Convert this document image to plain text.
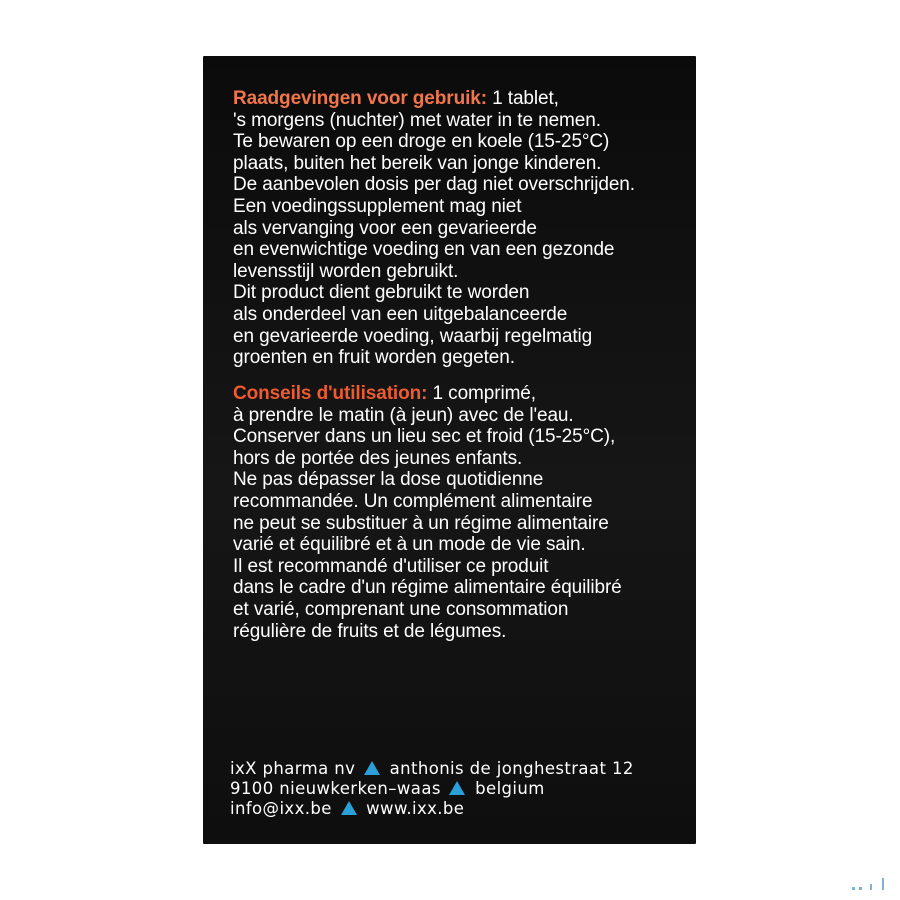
Raadgevingen voor gebruik: 1 tablet,
's morgens (nuchter) met water in te nemen.
Te bewaren op een droge en koele (15-25°C)
plaats, buiten het bereik van jonge kinderen.
De aanbevolen dosis per dag niet overschrijden.
Een voedingssupplement mag niet
als vervanging voor een gevarieerde
en evenwichtige voeding en van een gezonde
levensstijl worden gebruikt.
Dit product dient gebruikt te worden
als onderdeel van een uitgebalanceerde
en gevarieerde voeding, waarbij regelmatig
groenten en fruit worden gegeten.
Conseils d'utilisation: 1 comprimé,
à prendre le matin (à jeun) avec de l'eau.
Conserver dans un lieu sec et froid (15-25°C),
hors de portée des jeunes enfants.
Ne pas dépasser la dose quotidienne
recommandée. Un complément alimentaire
ne peut se substituer à un régime alimentaire
varié et équilibré et à un mode de vie sain.
Il est recommandé d'utiliser ce produit
dans le cadre d'un régime alimentaire équilibré
et varié, comprenant une consommation
régulière de fruits et de légumes.
ixX pharma nv anthonis de jonghestraat 12
9100 nieuwkerken–waas belgium
info@ixx.be www.ixx.be
